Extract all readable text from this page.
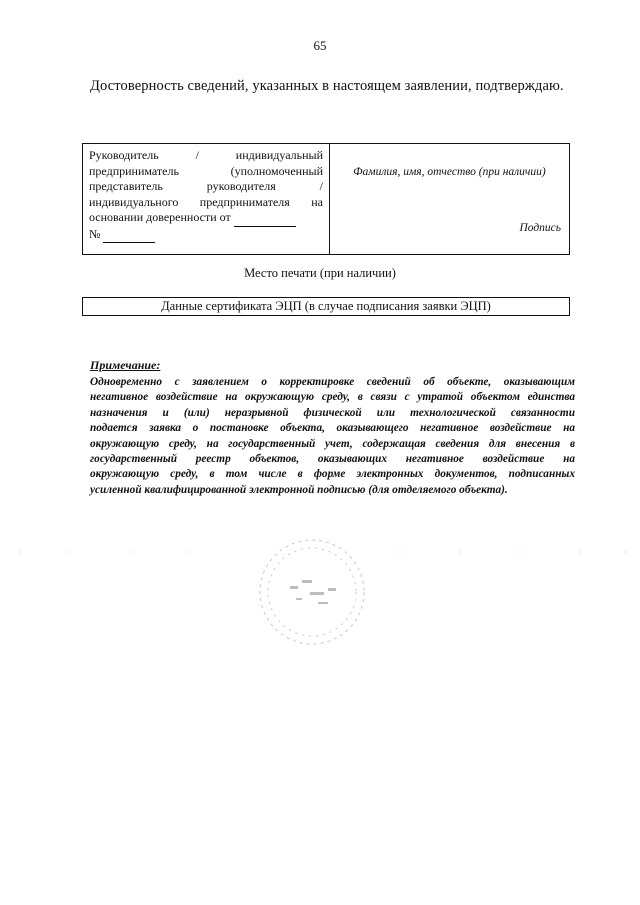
65
Достоверность сведений, указанных в настоящем заявлении, подтверждаю.
Руководитель / индивидуальный
предприниматель (уполномоченный
представитель руководителя /
индивидуального предпринимателя на
основании доверенности от
№
Фамилия, имя, отчество (при наличии)
Подпись
Место печати (при наличии)
Данные сертификата ЭЦП (в случае подписания заявки ЭЦП)
Примечание:
Одновременно с заявлением о корректировке сведений об объекте, оказывающим
негативное воздействие на окружающую среду, в связи с утратой объектом единства
назначения и (или) неразрывной физической или технологической связанности
подается заявка о постановке объекта, оказывающего негативное воздействие на
окружающую среду, на государственный учет, содержащая сведения для внесения в
государственный реестр объектов, оказывающих негативное воздействие на
окружающую среду, в том числе в форме электронных документов, подписанных
усиленной квалифицированной электронной подписью (для отделяемого объекта).
